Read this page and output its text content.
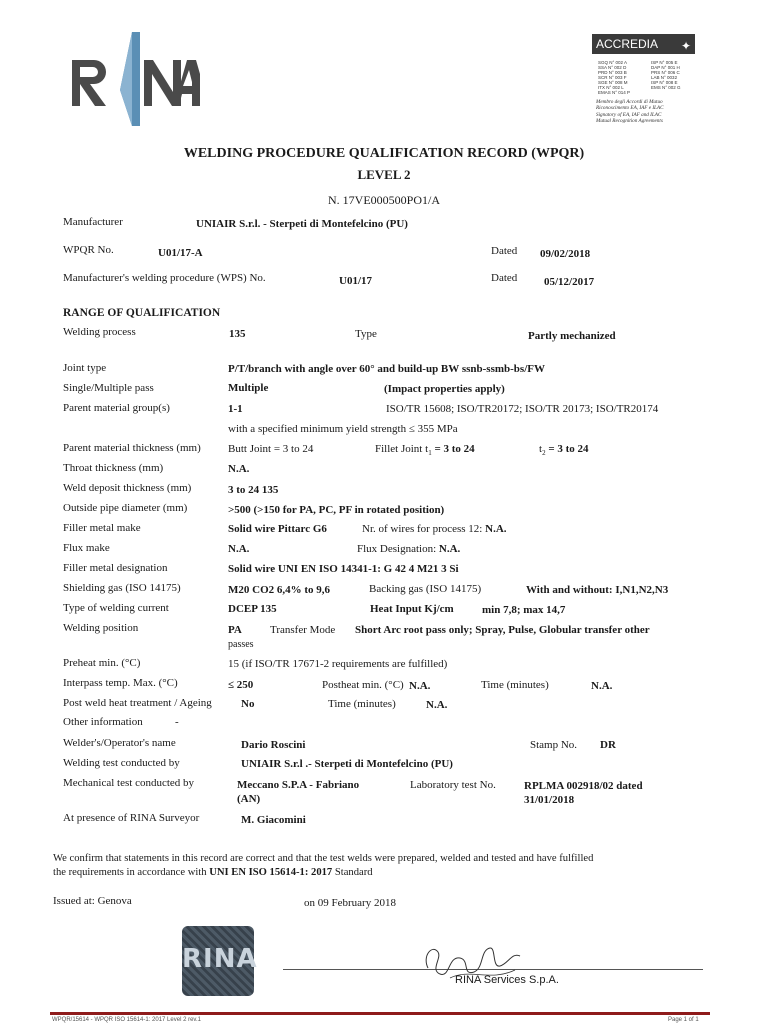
ACCREDIA ✦
SGQ N° 002 A
SSA N° 002 D
PRD N° 003 B
SCR N° 003 F
SGE N° 008 M
ITX N° 002 L
EMAS N° 014 P
ISP N° 005 E
DAP N° 001 H
PRS N° 006 C
LAB N° 0032
ISP N° 008 E
EMS N° 002 G
Membro degli Accordi di Mutuo
Riconoscimento EA, IAF e ILAC
Signatory of EA, IAF and ILAC
Mutual Recognition Agreements
WELDING PROCEDURE QUALIFICATION RECORD (WPQR)
LEVEL 2
N. 17VE000500PO1/A
Manufacturer	UNIAIR S.r.l. - Sterpeti di Montefelcino (PU)
WPQR No.	U01/17-A	Dated 09/02/2018
Manufacturer's welding procedure (WPS) No.	U01/17	Dated 05/12/2017
RANGE OF QUALIFICATION
Welding process	135	Type	Partly mechanized
Joint type	P/T/branch with angle over 60° and build-up BW ssnb-ssmb-bs/FW
Single/Multiple pass	Multiple	(Impact properties apply)
Parent material group(s)	1-1	ISO/TR 15608; ISO/TR20172; ISO/TR 20173; ISO/TR20174
with a specified minimum yield strength ≤ 355 MPa
Parent material thickness (mm) Butt Joint = 3 to 24	Fillet Joint $t_1 = 3$ to 24	$t_2 = 3$ to 24
Throat thickness (mm)	N.A.
Weld deposit thickness (mm)	3 to 24 135
Outside pipe diameter (mm)	>500 (>150 for PA, PC, PF in rotated position)
Filler metal make	Solid wire Pittarc G6	Nr. of wires for process 12: N.A.
Flux make	N.A.	Flux Designation: N.A.
Filler metal designation	Solid wire UNI EN ISO 14341-1: G 42 4 M21 3 Si
Shielding gas (ISO 14175)	M20 CO2 6,4% to 9,6	Backing gas (ISO 14175)	With and without: I,N1,N2,N3
Type of welding current	DCEP 135	Heat Input Kj/cm	min 7,8; max 14,7
Welding position	PA	Transfer Mode Short Arc root pass only; Spray, Pulse, Globular transfer other
passes
Preheat min. (°C)	15 (if ISO/TR 17671-2 requirements are fulfilled)
Interpass temp. Max. (°C)	≤ 250	Postheat min. (°C) N.A.	Time (minutes)	N.A.
Post weld heat treatment / Ageing	No	Time (minutes)	N.A.
Other information	-
Welder's/Operator's name	Dario Roscini	Stamp No. DR
Welding test conducted by	UNIAIR S.r.l .- Sterpeti di Montefelcino (PU)
Mechanical test conducted by	Meccano S.P.A - Fabriano
(AN)
Laboratory test No.	RPLMA 002918/02 dated
31/01/2018
At presence of RINA Surveyor	M. Giacomini
We confirm that statements in this record are correct and that the test welds were prepared, welded and tested and have fulfilled
the requirements in accordance with UNI EN ISO 15614-1: 2017 Standard
Issued at: Genova	on 09 February 2018
RINA
RINA Services S.p.A.
WPQR/15614 - WPQR ISO 15614-1: 2017 Level 2 rev.1	Page 1 of 1
